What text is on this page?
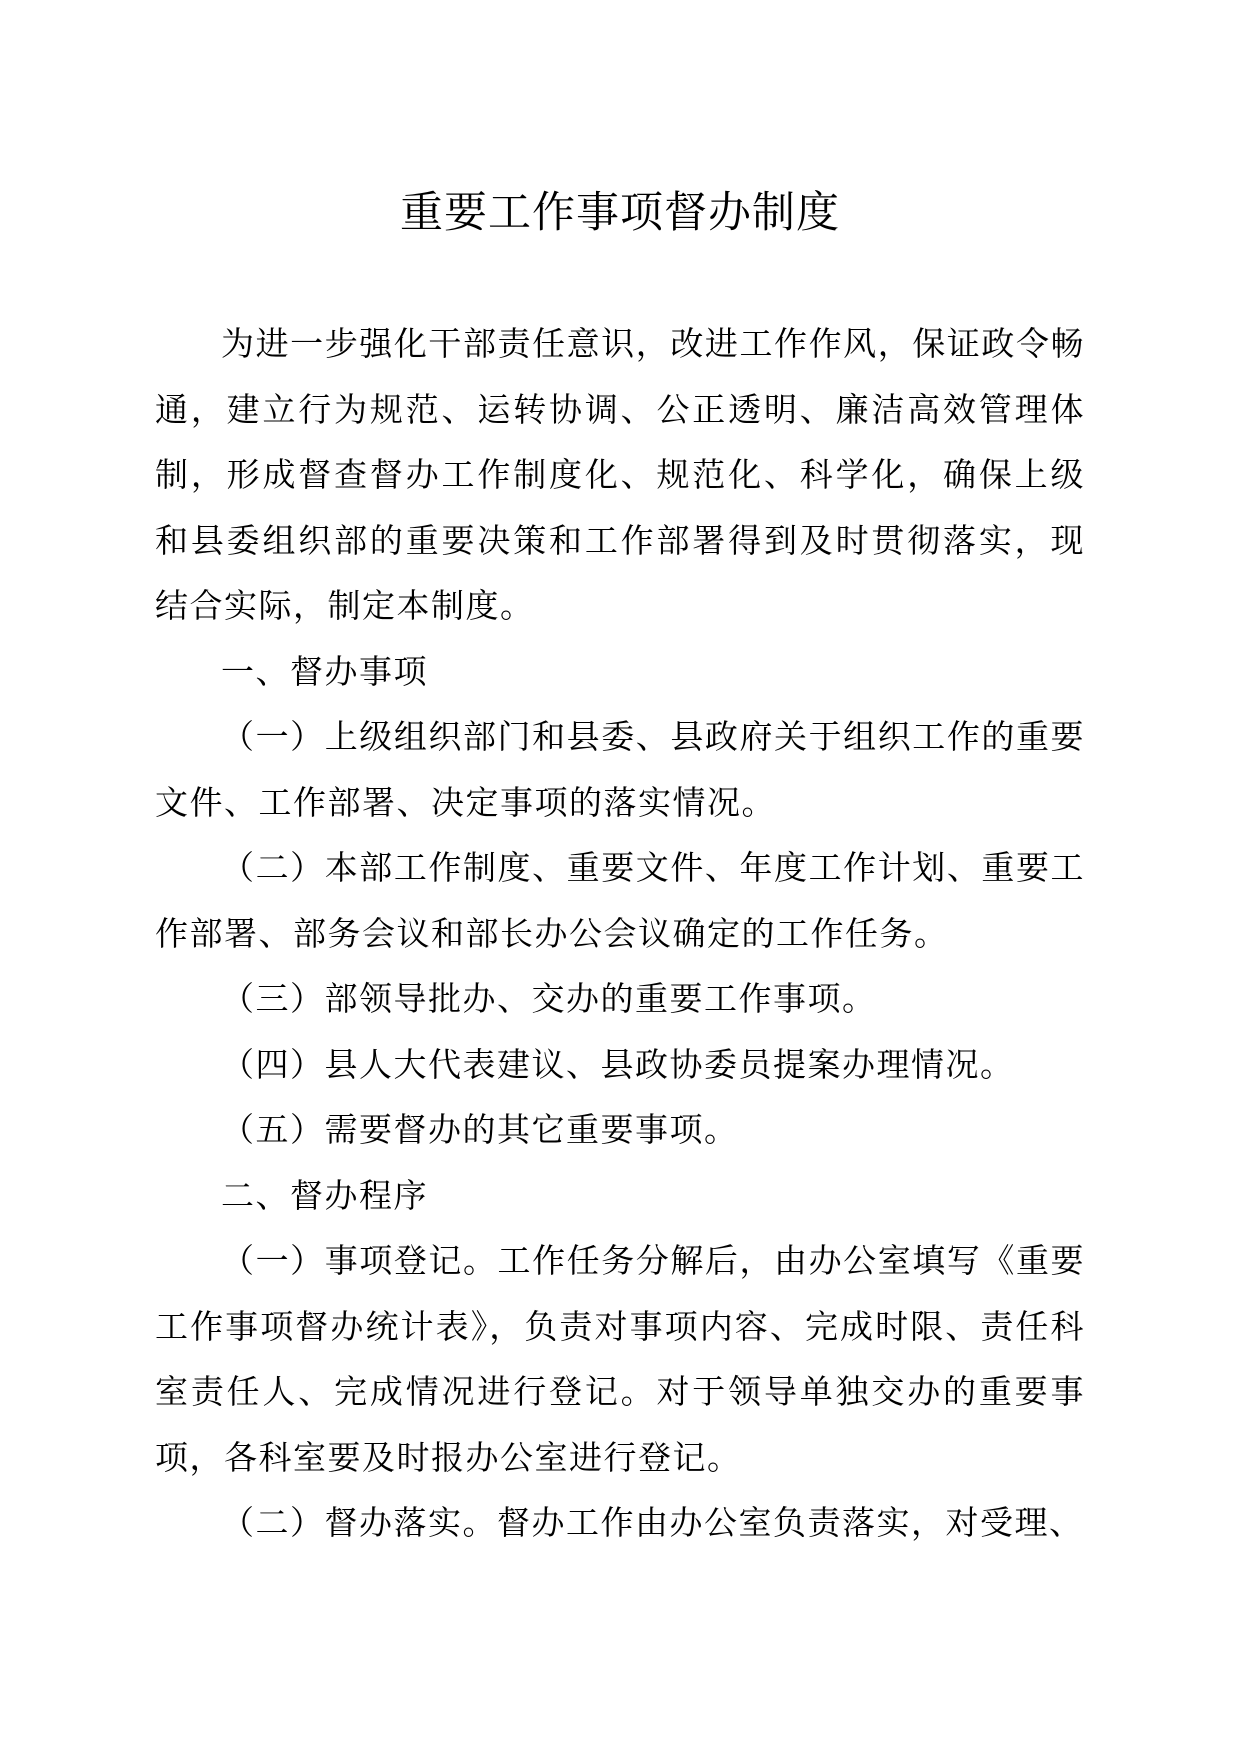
重要工作事项督办制度

为进一步强化干部责任意识，改进工作作风，保证政令畅通，建立行为规范、运转协调、公正透明、廉洁高效管理体制，形成督查督办工作制度化、规范化、科学化，确保上级和县委组织部的重要决策和工作部署得到及时贯彻落实，现结合实际，制定本制度。

一、督办事项

（一）上级组织部门和县委、县政府关于组织工作的重要文件、工作部署、决定事项的落实情况。

（二）本部工作制度、重要文件、年度工作计划、重要工作部署、部务会议和部长办公会议确定的工作任务。

（三）部领导批办、交办的重要工作事项。

（四）县人大代表建议、县政协委员提案办理情况。

（五）需要督办的其它重要事项。

二、督办程序

（一）事项登记。工作任务分解后，由办公室填写《重要工作事项督办统计表》，负责对事项内容、完成时限、责任科室责任人、完成情况进行登记。对于领导单独交办的重要事项，各科室要及时报办公室进行登记。

（二）督办落实。督办工作由办公室负责落实，对受理、
